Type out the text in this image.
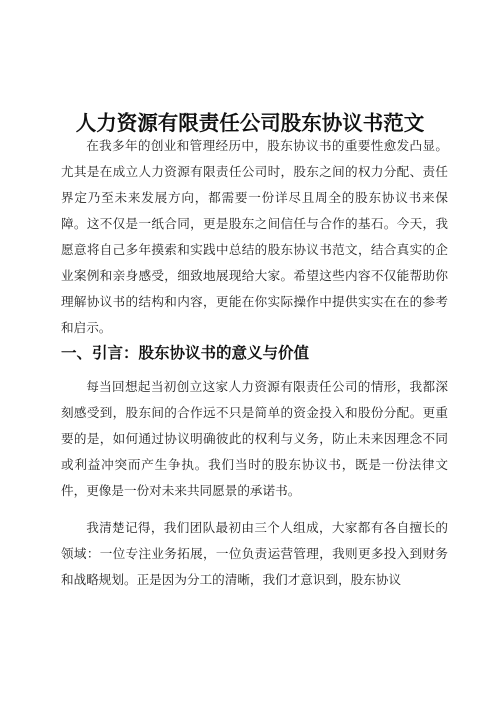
人力资源有限责任公司股东协议书范文

在我多年的创业和管理经历中，股东协议书的重要性愈发凸显。尤其是在成立人力资源有限责任公司时，股东之间的权力分配、责任界定乃至未来发展方向，都需要一份详尽且周全的股东协议书来保障。这不仅是一纸合同，更是股东之间信任与合作的基石。今天，我愿意将自己多年摸索和实践中总结的股东协议书范文，结合真实的企业案例和亲身感受，细致地展现给大家。希望这些内容不仅能帮助你理解协议书的结构和内容，更能在你实际操作中提供实实在在的参考和启示。

一、引言：股东协议书的意义与价值

每当回想起当初创立这家人力资源有限责任公司的情形，我都深刻感受到，股东间的合作远不只是简单的资金投入和股份分配。更重要的是，如何通过协议明确彼此的权利与义务，防止未来因理念不同或利益冲突而产生争执。我们当时的股东协议书，既是一份法律文件，更像是一份对未来共同愿景的承诺书。

我清楚记得，我们团队最初由三个人组成，大家都有各自擅长的领域：一位专注业务拓展，一位负责运营管理，我则更多投入到财务和战略规划。正是因为分工的清晰，我们才意识到，股东协议
